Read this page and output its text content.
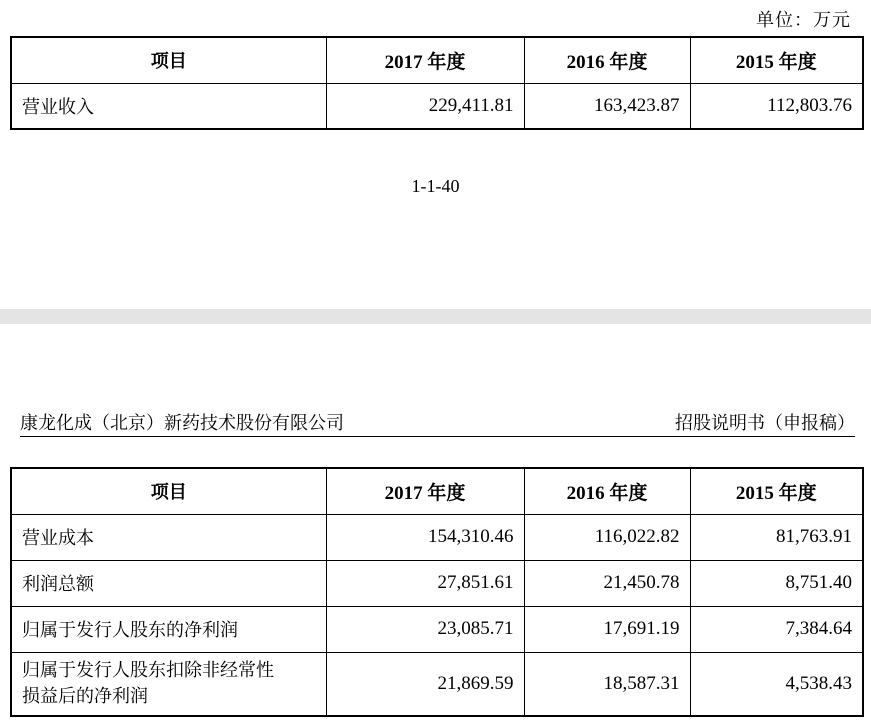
单位：万元
项目	2017 年度	2016 年度	2015 年度
营业收入	229,411.81	163,423.87	112,803.76
1-1-40
康龙化成（北京）新药技术股份有限公司	招股说明书（申报稿）
项目	2017 年度	2016 年度	2015 年度
营业成本	154,310.46	116,022.82	81,763.91
利润总额	27,851.61	21,450.78	8,751.40
归属于发行人股东的净利润	23,085.71	17,691.19	7,384.64
归属于发行人股东扣除非经常性
损益后的净利润	21,869.59	18,587.31	4,538.43
